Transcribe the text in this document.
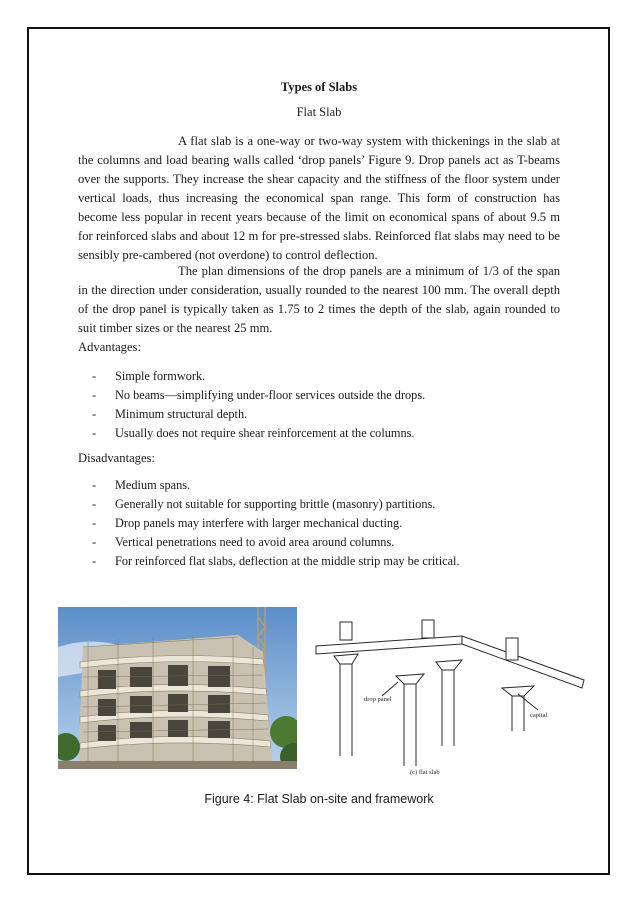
Types of Slabs
Flat Slab

A flat slab is a one-way or two-way system with thickenings in the slab at the columns and load bearing walls called ‘drop panels’ Figure 9. Drop panels act as T-beams over the supports. They increase the shear capacity and the stiffness of the floor system under vertical loads, thus increasing the economical span range. This form of construction has become less popular in recent years because of the limit on economical spans of about 9.5 m for reinforced slabs and about 12 m for pre-stressed slabs. Reinforced flat slabs may need to be sensibly pre-cambered (not overdone) to control deflection.

The plan dimensions of the drop panels are a minimum of 1/3 of the span in the direction under consideration, usually rounded to the nearest 100 mm. The overall depth of the drop panel is typically taken as 1.75 to 2 times the depth of the slab, again rounded to suit timber sizes or the nearest 25 mm.

Advantages:
- Simple formwork.
- No beams—simplifying under-floor services outside the drops.
- Minimum structural depth.
- Usually does not require shear reinforcement at the columns.
Disadvantages:
- Medium spans.
- Generally not suitable for supporting brittle (masonry) partitions.
- Drop panels may interfere with larger mechanical ducting.
- Vertical penetrations need to avoid area around columns.
- For reinforced flat slabs, deflection at the middle strip may be critical.
drop panel
capital
(c) flat slab
Figure 4: Flat Slab on-site and framework
